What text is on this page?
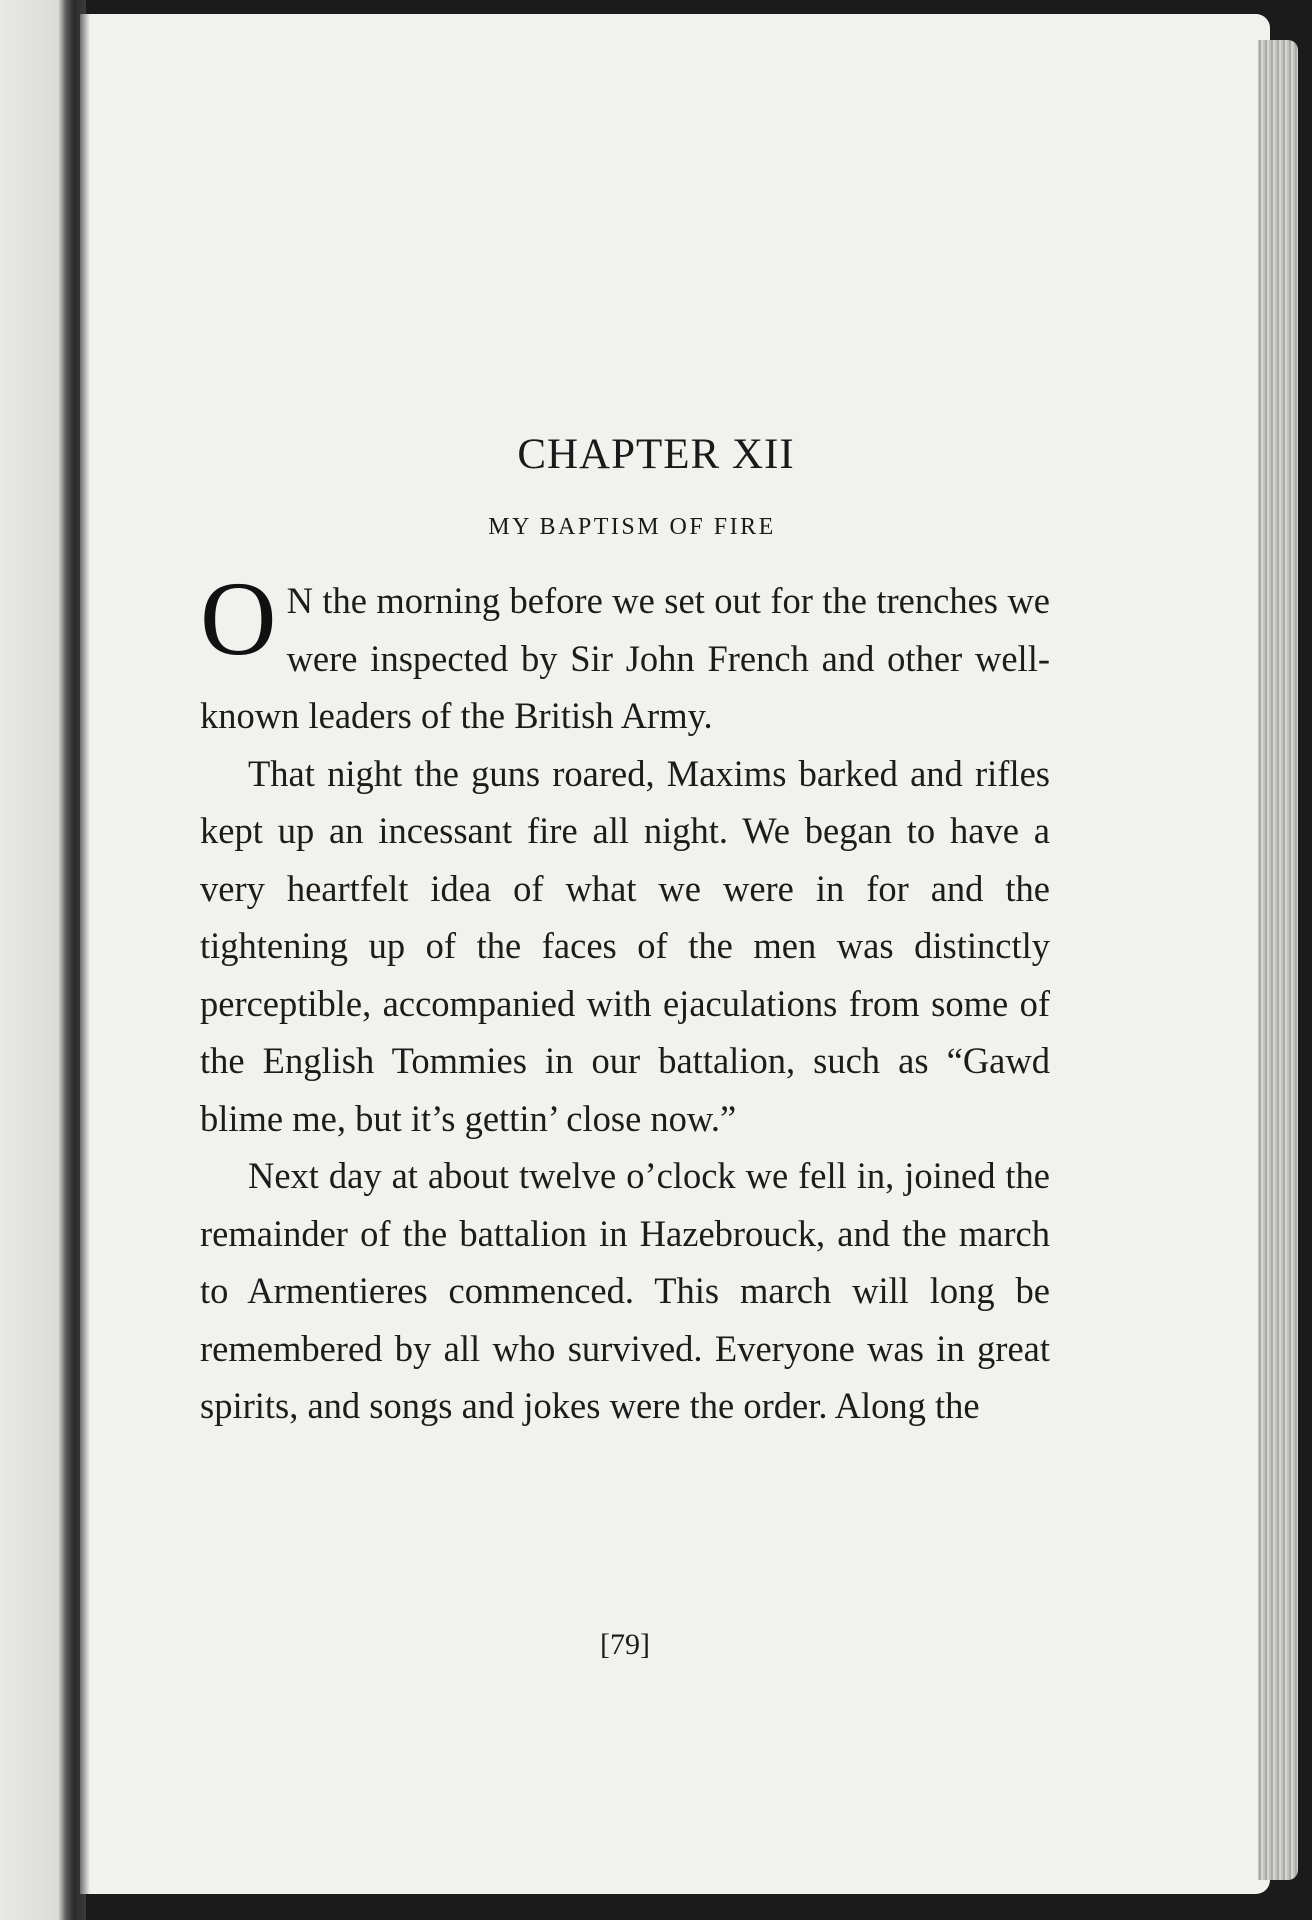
CHAPTER XII
MY BAPTISM OF FIRE

O N the morning before we set out for the trenches we were inspected by Sir John French and other well-known leaders of the British Army.

That night the guns roared, Maxims barked and rifles kept up an incessant fire all night. We began to have a very heartfelt idea of what we were in for and the tightening up of the faces of the men was distinctly perceptible, accompanied with ejaculations from some of the English Tommies in our battalion, such as “Gawd blime me, but it’s gettin’ close now.”

Next day at about twelve o’clock we fell in, joined the remainder of the battalion in Hazebrouck, and the march to Armentieres commenced. This march will long be remembered by all who survived. Everyone was in great spirits, and songs and jokes were the order. Along the

[79]
